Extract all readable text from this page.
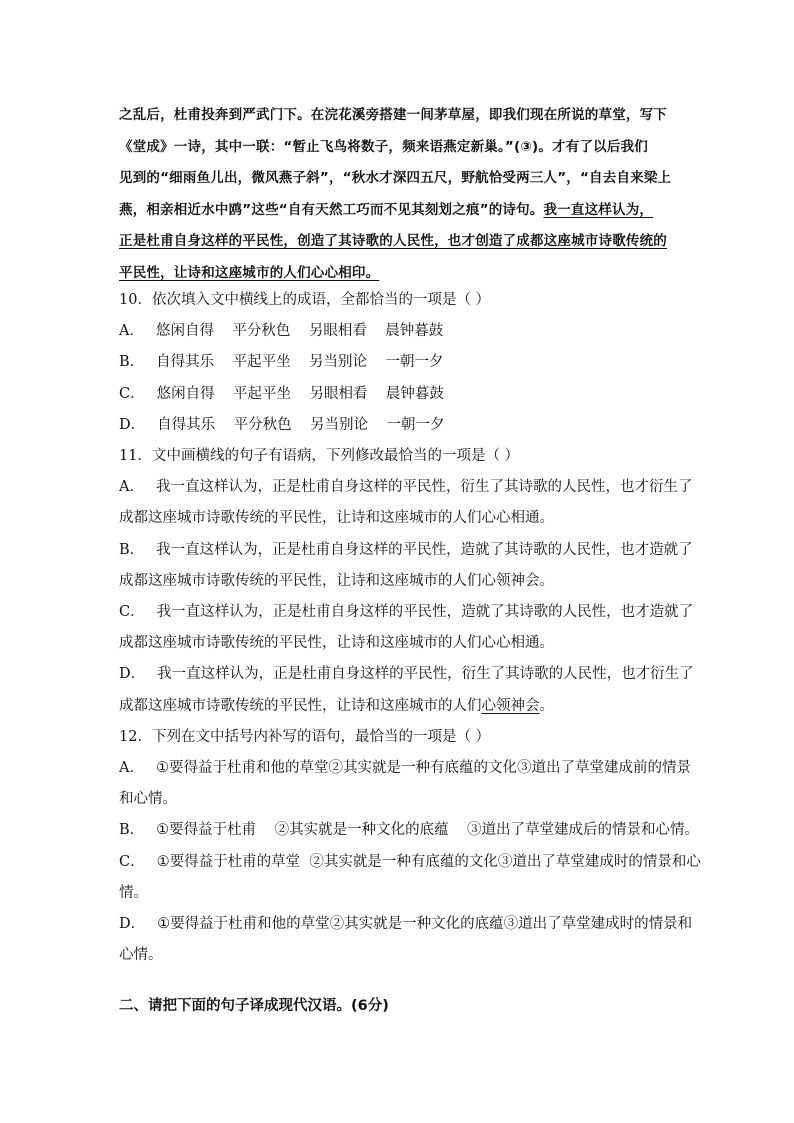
之乱后，杜甫投奔到严武门下。在浣花溪旁搭建一间茅草屋，即我们现在所说的草堂，写下
《堂成》一诗，其中一联：“暂止飞鸟将数子，频来语燕定新巢。”(③)。才有了以后我们
见到的“细雨鱼儿出，微风燕子斜”，“秋水才深四五尺，野航恰受两三人”，“自去自来梁上
燕，相亲相近水中鸥”这些“自有天然工巧而不见其刻划之痕”的诗句。我一直这样认为，
正是杜甫自身这样的平民性，创造了其诗歌的人民性，也才创造了成都这座城市诗歌传统的
平民性，让诗和这座城市的人们心心相印。
10．依次填入文中横线上的成语，全都恰当的一项是（ ）
A． 悠闲自得    平分秋色    另眼相看    晨钟暮鼓
B． 自得其乐    平起平坐    另当别论    一朝一夕
C． 悠闲自得    平起平坐    另眼相看    晨钟暮鼓
D． 自得其乐    平分秋色    另当别论    一朝一夕
11．文中画横线的句子有语病，下列修改最恰当的一项是（ ）
A． 我一直这样认为，正是杜甫自身这样的平民性，衍生了其诗歌的人民性，也才衍生了
成都这座城市诗歌传统的平民性，让诗和这座城市的人们心心相通。
B． 我一直这样认为，正是杜甫自身这样的平民性，造就了其诗歌的人民性，也才造就了
成都这座城市诗歌传统的平民性，让诗和这座城市的人们心领神会。
C． 我一直这样认为，正是杜甫自身这样的平民性，造就了其诗歌的人民性，也才造就了
成都这座城市诗歌传统的平民性，让诗和这座城市的人们心心相通。
D． 我一直这样认为，正是杜甫自身这样的平民性，衍生了其诗歌的人民性，也才衍生了
成都这座城市诗歌传统的平民性，让诗和这座城市的人们心领神会。
12．下列在文中括号内补写的语句，最恰当的一项是（ ）
A． ①要得益于杜甫和他的草堂②其实就是一种有底蕴的文化③道出了草堂建成前的情景
和心情。
B． ①要得益于杜甫    ②其实就是一种文化的底蕴    ③道出了草堂建成后的情景和心情。
C． ①要得益于杜甫的草堂  ②其实就是一种有底蕴的文化③道出了草堂建成时的情景和心
情。
D． ①要得益于杜甫和他的草堂②其实就是一种文化的底蕴③道出了草堂建成时的情景和
心情。
二、请把下面的句子译成现代汉语。(6分)
